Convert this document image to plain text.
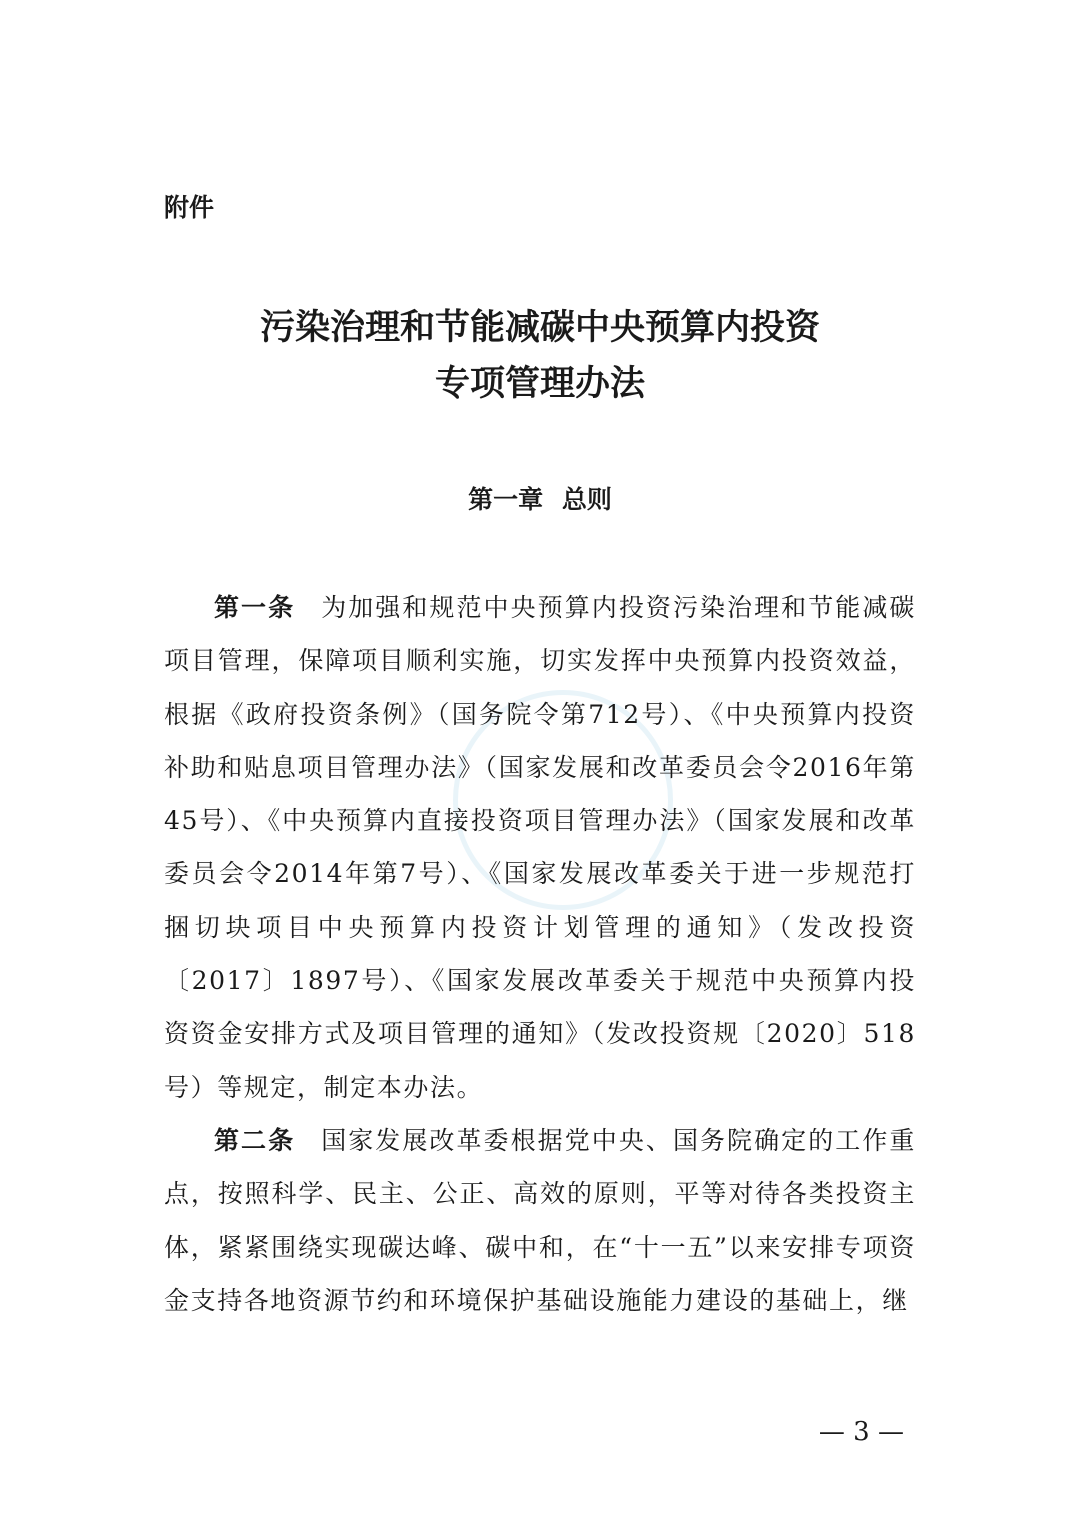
附件
污染治理和节能减碳中央预算内投资
专项管理办法
第一章 总则

第一条 为加强和规范中央预算内投资污染治理和节能减碳项目管理，保障项目顺利实施，切实发挥中央预算内投资效益，根据《政府投资条例》（国务院令第712号）、《中央预算内投资补助和贴息项目管理办法》（国家发展和改革委员会令2016年第45号）、《中央预算内直接投资项目管理办法》（国家发展和改革委员会令2014年第7号）、《国家发展改革委关于进一步规范打捆切块项目中央预算内投资计划管理的通知》（发改投资〔2017〕1897号）、《国家发展改革委关于规范中央预算内投资资金安排方式及项目管理的通知》（发改投资规〔2020〕518号）等规定，制定本办法。

第二条 国家发展改革委根据党中央、国务院确定的工作重点，按照科学、民主、公正、高效的原则，平等对待各类投资主体，紧紧围绕实现碳达峰、碳中和，在“十一五”以来安排专项资金支持各地资源节约和环境保护基础设施能力建设的基础上，继

— 3 —
